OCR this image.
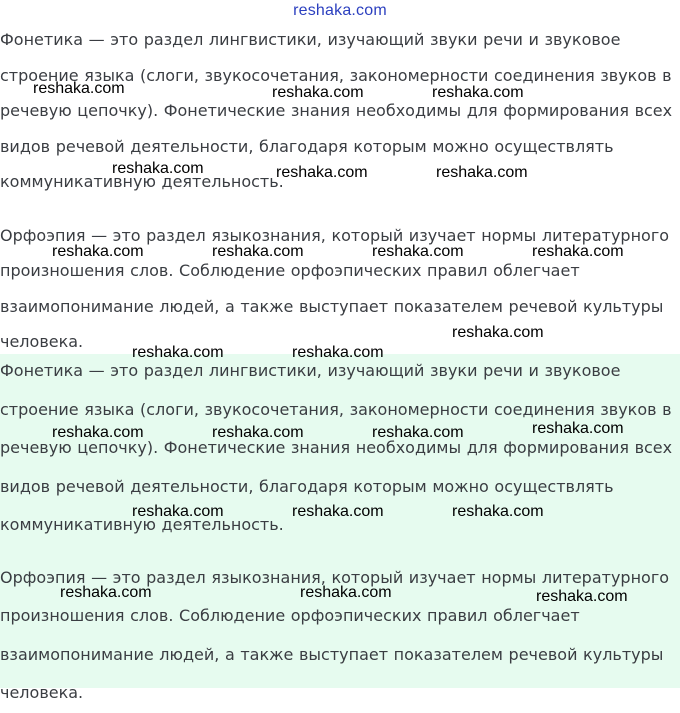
reshaka.com

Фонетика — это раздел лингвистики, изучающий звуки речи и звуковое строение языка (слоги, звукосочетания, закономерности соединения звуков в речевую цепочку). Фонетические знания необходимы для формирования всех видов речевой деятельности, благодаря которым можно осуществлять коммуникативную деятельность.

Орфоэпия — это раздел языкознания, который изучает нормы литературного произношения слов. Соблюдение орфоэпических правил облегчает взаимопонимание людей, а также выступает показателем речевой культуры человека.

Фонетика — это раздел лингвистики, изучающий звуки речи и звуковое строение языка (слоги, звукосочетания, закономерности соединения звуков в речевую цепочку). Фонетические знания необходимы для формирования всех видов речевой деятельности, благодаря которым можно осуществлять коммуникативную деятельность.

Орфоэпия — это раздел языкознания, который изучает нормы литературного произношения слов. Соблюдение орфоэпических правил облегчает взаимопонимание людей, а также выступает показателем речевой культуры человека.

reshaka.com	reshaka.com	reshaka.com
reshaka.com	reshaka.com	reshaka.com
reshaka.com	reshaka.com	reshaka.com	reshaka.com
reshaka.com
reshaka.com	reshaka.com
reshaka.com
reshaka.com	reshaka.com	reshaka.com
reshaka.com	reshaka.com	reshaka.com
reshaka.com	reshaka.com	reshaka.com
